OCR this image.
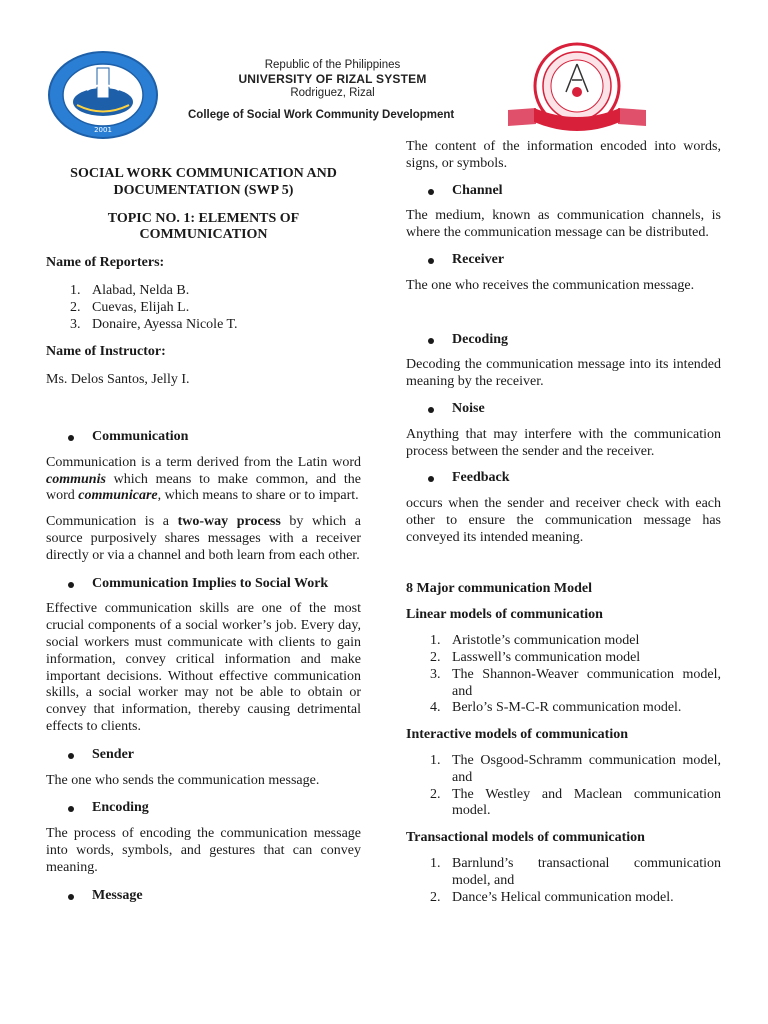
2001
Republic of the Philippines
UNIVERSITY OF RIZAL SYSTEM
Rodriguez, Rizal
College of Social Work Community Development

SOCIAL WORK COMMUNICATION AND DOCUMENTATION (SWP 5)

TOPIC NO. 1: ELEMENTS OF COMMUNICATION

Name of Reporters:

1. Alabad, Nelda B.
2. Cuevas, Elijah L.
3. Donaire, Ayessa Nicole T.

Name of Instructor:

Ms. Delos Santos, Jelly I.

Communication

Communication is a term derived from the Latin word communis which means to make common, and the word communicare, which means to share or to impart.

Communication is a two-way process by which a source purposively shares messages with a receiver directly or via a channel and both learn from each other.

Communication Implies to Social Work

Effective communication skills are one of the most crucial components of a social worker’s job. Every day, social workers must communicate with clients to gain information, convey critical information and make important decisions. Without effective communication skills, a social worker may not be able to obtain or convey that information, thereby causing detrimental effects to clients.

Sender

The one who sends the communication message.

Encoding

The process of encoding the communication message into words, symbols, and gestures that can convey meaning.

Message

The content of the information encoded into words, signs, or symbols.

Channel

The medium, known as communication channels, is where the communication message can be distributed.

Receiver

The one who receives the communication message.

Decoding

Decoding the communication message into its intended meaning by the receiver.

Noise

Anything that may interfere with the communication process between the sender and the receiver.

Feedback

occurs when the sender and receiver check with each other to ensure the communication message has conveyed its intended meaning.

8 Major communication Model

Linear models of communication

1. Aristotle’s communication model
2. Lasswell’s communication model
3. The Shannon-Weaver communication model, and
4. Berlo’s S-M-C-R communication model.

Interactive models of communication

1. The Osgood-Schramm communication model, and
2. The Westley and Maclean communication model.

Transactional models of communication

1. Barnlund’s transactional communication model, and
2. Dance’s Helical communication model.
